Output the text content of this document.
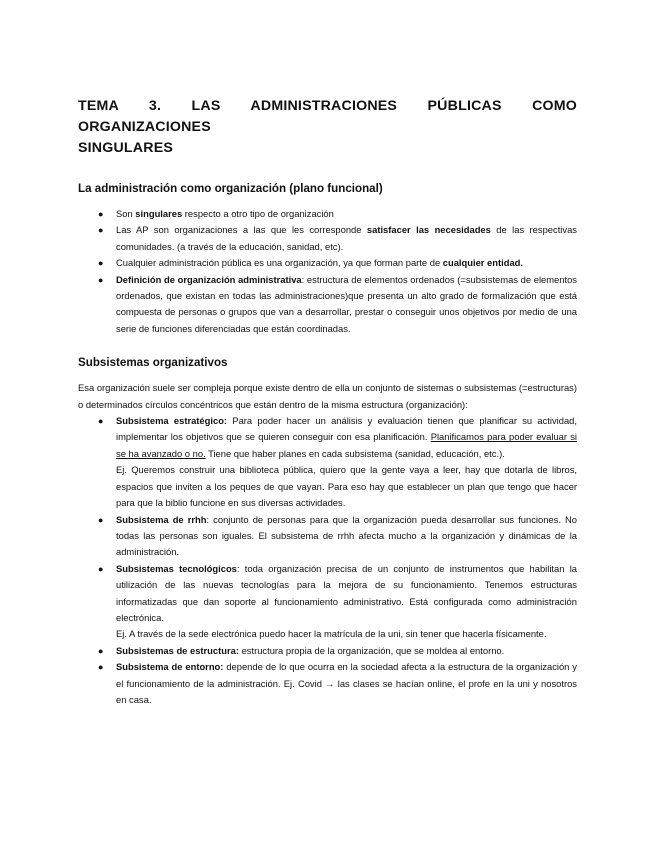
TEMA 3. LAS ADMINISTRACIONES PÚBLICAS COMO ORGANIZACIONES
SINGULARES
La administración como organización (plano funcional)
● Son singulares respecto a otro tipo de organización
● Las AP son organizaciones a las que les corresponde satisfacer las necesidades de las respectivas comunidades. (a través de la educación, sanidad, etc).
● Cualquier administración pública es una organización, ya que forman parte de cualquier entidad.
● Definición de organización administrativa: estructura de elementos ordenados (=subsistemas de elementos ordenados, que existan en todas las administraciones)que presenta un alto grado de formalización que está compuesta de personas o grupos que van a desarrollar, prestar o conseguir unos objetivos por medio de una serie de funciones diferenciadas que están coordinadas.
Subsistemas organizativos

Esa organización suele ser compleja porque existe dentro de ella un conjunto de sistemas o subsistemas (=estructuras) o determinados círculos concéntricos que están dentro de la misma estructura (organización):

● Subsistema estratégico: Para poder hacer un análisis y evaluación tienen que planificar su actividad, implementar los objetivos que se quieren conseguir con esa planificación. Planificamos para poder evaluar si se ha avanzado o no. Tiene que haber planes en cada subsistema (sanidad, educación, etc.).
Ej. Queremos construir una biblioteca pública, quiero que la gente vaya a leer, hay que dotarla de libros, espacios que inviten a los peques de que vayan. Para eso hay que establecer un plan que tengo que hacer para que la biblio funcione en sus diversas actividades.
● Subsistema de rrhh: conjunto de personas para que la organización pueda desarrollar sus funciones. No todas las personas son iguales. El subsistema de rrhh afecta mucho a la organización y dinámicas de la administración.
● Subsistemas tecnológicos: toda organización precisa de un conjunto de instrumentos que habilitan la utilización de las nuevas tecnologías para la mejora de su funcionamiento. Tenemos estructuras informatizadas que dan soporte al funcionamiento administrativo. Está configurada como administración electrónica.
Ej. A través de la sede electrónica puedo hacer la matrícula de la uni, sin tener que hacerla físicamente.
● Subsistemas de estructura: estructura propia de la organización, que se moldea al entorno.
● Subsistema de entorno: depende de lo que ocurra en la sociedad afecta a la estructura de la organización y el funcionamiento de la administración. Ej. Covid → las clases se hacían online, el profe en la uni y nosotros en casa.
